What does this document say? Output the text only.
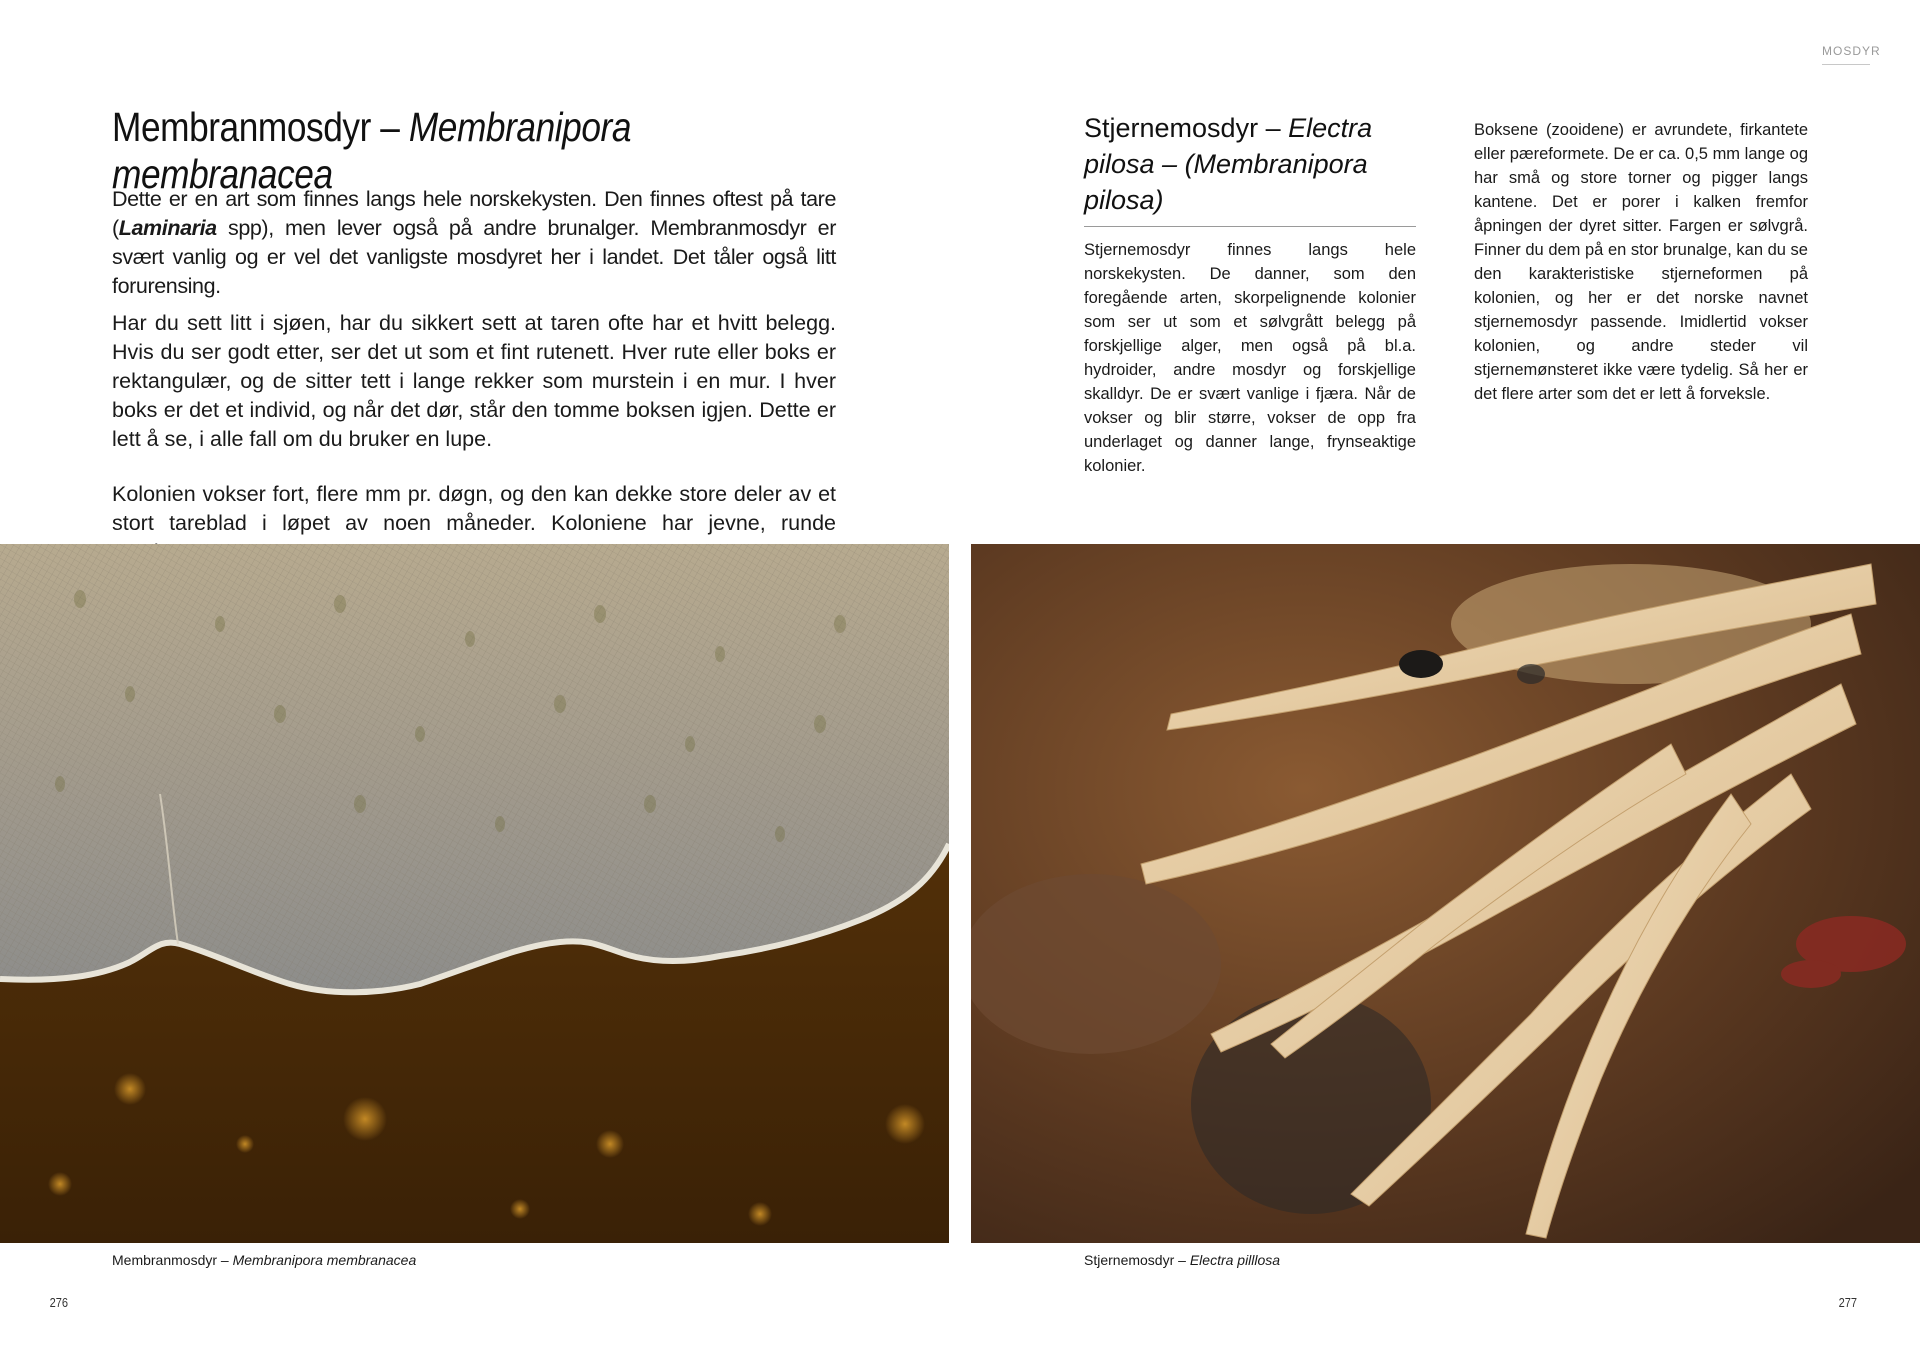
MOSDYR
Membranmosdyr – Membranipora membranacea

Dette er en art som finnes langs hele norskekysten. Den finnes oftest på tare (Laminaria spp), men lever også på andre brunalger. Membranmosdyr er svært vanlig og er vel det vanligste mosdyret her i landet. Det tåler også litt forurensing.

Har du sett litt i sjøen, har du sikkert sett at taren ofte har et hvitt belegg. Hvis du ser godt etter, ser det ut som et fint rutenett. Hver rute eller boks er rektangulær, og de sitter tett i lange rekker som murstein i en mur. I hver boks er det et individ, og når det dør, står den tomme boksen igjen. Dette er lett å se, i alle fall om du bruker en lupe.

Kolonien vokser fort, flere mm pr. døgn, og den kan dekke store deler av et stort tareblad i løpet av noen måneder. Koloniene har jevne, runde

Stjernemosdyr – Electra pilosa – (Membranipora pilosa)

Stjernemosdyr finnes langs hele norskekysten. De danner, som den foregående arten, skorpelignende kolonier som ser ut som et sølvgrått belegg på forskjellige alger, men også på bl.a. hydroider, andre mosdyr og forskjellige skalldyr. De er svært vanlige i fjæra. Når de vokser og blir større, vokser de opp fra underlaget og danner lange, frynseaktige kolonier.

Boksene (zooidene) er avrundete, firkantete eller pæreformete. De er ca. 0,5 mm lange og har små og store torner og pigger langs kantene. Det er porer i kalken fremfor åpningen der dyret sitter. Fargen er sølvgrå. Finner du dem på en stor brunalge, kan du se den karakteristiske stjerneformen på kolonien, og her er det norske navnet stjernemosdyr passende. Imidlertid vokser kolonien, og andre steder vil stjernemønsteret ikke være tydelig. Så her er det flere arter som det er lett å forveksle.

Membranmosdyr – Membranipora membranacea	Stjernemosdyr – Electra pilllosa
276	277
